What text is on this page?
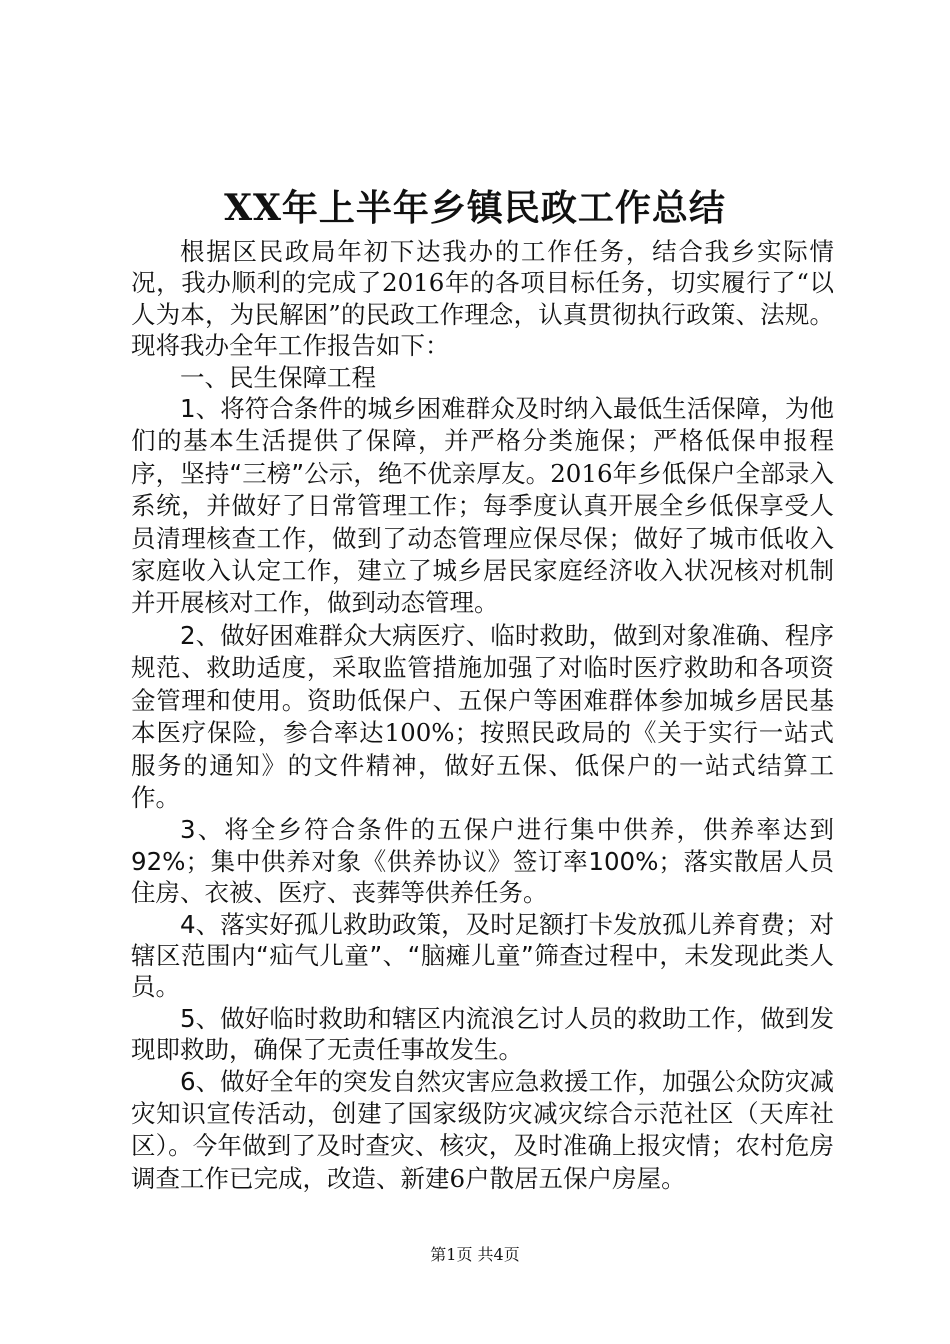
XX年上半年乡镇民政工作总结

根据区民政局年初下达我办的工作任务，结合我乡实际情况，我办顺利的完成了2016年的各项目标任务，切实履行了“以人为本，为民解困”的民政工作理念，认真贯彻执行政策、法规。现将我办全年工作报告如下：

一、民生保障工程

1、将符合条件的城乡困难群众及时纳入最低生活保障，为他们的基本生活提供了保障，并严格分类施保；严格低保申报程序，坚持“三榜”公示，绝不优亲厚友。2016年乡低保户全部录入系统，并做好了日常管理工作；每季度认真开展全乡低保享受人员清理核查工作，做到了动态管理应保尽保；做好了城市低收入家庭收入认定工作，建立了城乡居民家庭经济收入状况核对机制并开展核对工作，做到动态管理。

2、做好困难群众大病医疗、临时救助，做到对象准确、程序规范、救助适度，采取监管措施加强了对临时医疗救助和各项资金管理和使用。资助低保户、五保户等困难群体参加城乡居民基本医疗保险，参合率达100%；按照民政局的《关于实行一站式服务的通知》的文件精神，做好五保、低保户的一站式结算工作。

3、将全乡符合条件的五保户进行集中供养，供养率达到92%；集中供养对象《供养协议》签订率100%；落实散居人员住房、衣被、医疗、丧葬等供养任务。

4、落实好孤儿救助政策，及时足额打卡发放孤儿养育费；对辖区范围内“疝气儿童”、“脑瘫儿童”筛查过程中，未发现此类人员。

5、做好临时救助和辖区内流浪乞讨人员的救助工作，做到发现即救助，确保了无责任事故发生。

6、做好全年的突发自然灾害应急救援工作，加强公众防灾减灾知识宣传活动，创建了国家级防灾减灾综合示范社区（天库社区）。今年做到了及时查灾、核灾，及时准确上报灾情；农村危房调查工作已完成，改造、新建6户散居五保户房屋。

第1页 共4页
